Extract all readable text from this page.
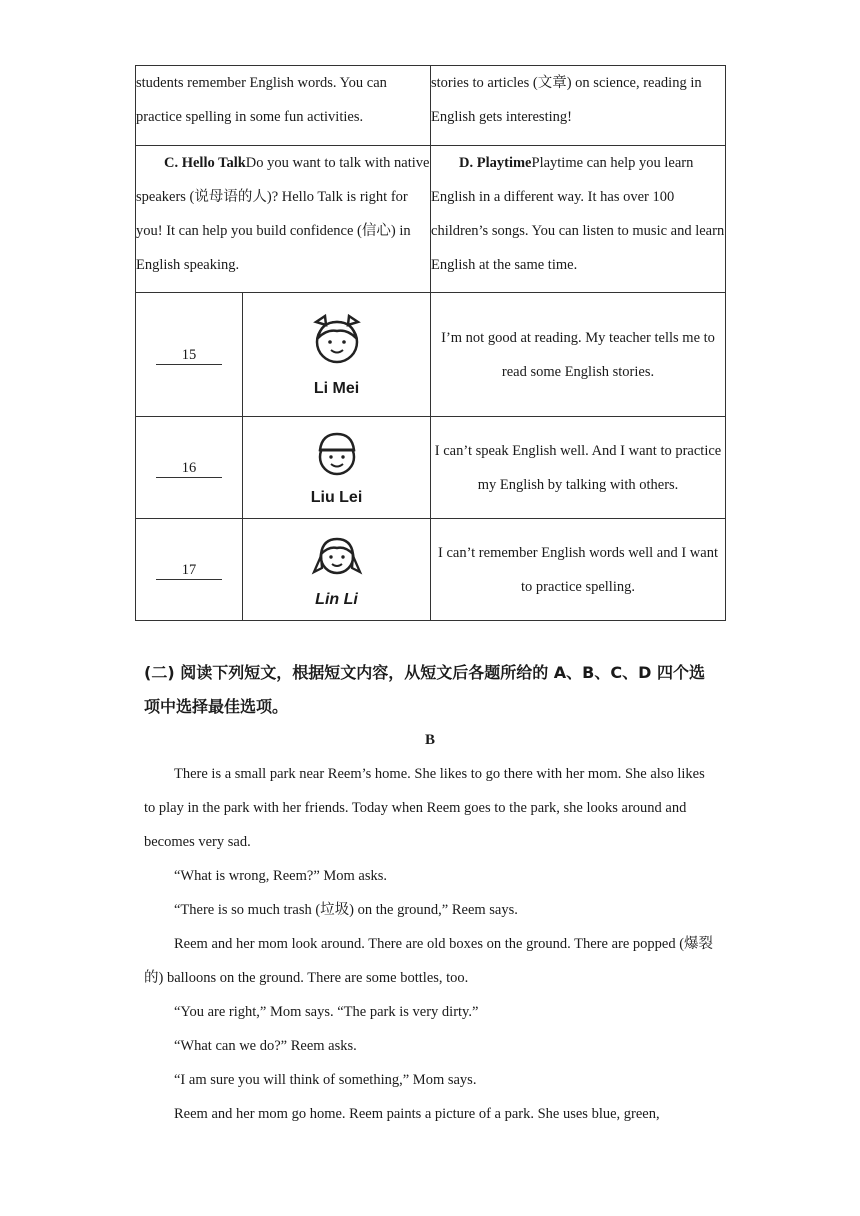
students remember English words. You can practice spelling in some fun activities.		stories to articles (文章) on science, reading in English gets interesting!

C. Hello TalkDo you want to talk with native speakers (说母语的人)? Hello Talk is right for you! It can help you build confidence (信心) in English speaking.		D. PlaytimePlaytime can help you learn English in a different way. It has over 100 children’s songs. You can listen to music and learn English at the same time.

15	Li Mei	I’m not good at reading. My teacher tells me to read some English stories.
16	Liu Lei	I can’t speak English well. And I want to practice my English by talking with others.
17	Lin Li	I can’t remember English words well and I want to practice spelling.
(二) 阅读下列短文，根据短文内容，从短文后各题所给的 A、B、C、D 四个选项中选择最佳选项。
B

There is a small park near Reem’s home. She likes to go there with her mom. She also likes to play in the park with her friends. Today when Reem goes to the park, she looks around and becomes very sad.

“What is wrong, Reem?” Mom asks.

“There is so much trash (垃圾) on the ground,” Reem says.

Reem and her mom look around. There are old boxes on the ground. There are popped (爆裂的) balloons on the ground. There are some bottles, too.

“You are right,” Mom says. “The park is very dirty.”

“What can we do?” Reem asks.

“I am sure you will think of something,” Mom says.

Reem and her mom go home. Reem paints a picture of a park. She uses blue, green,
